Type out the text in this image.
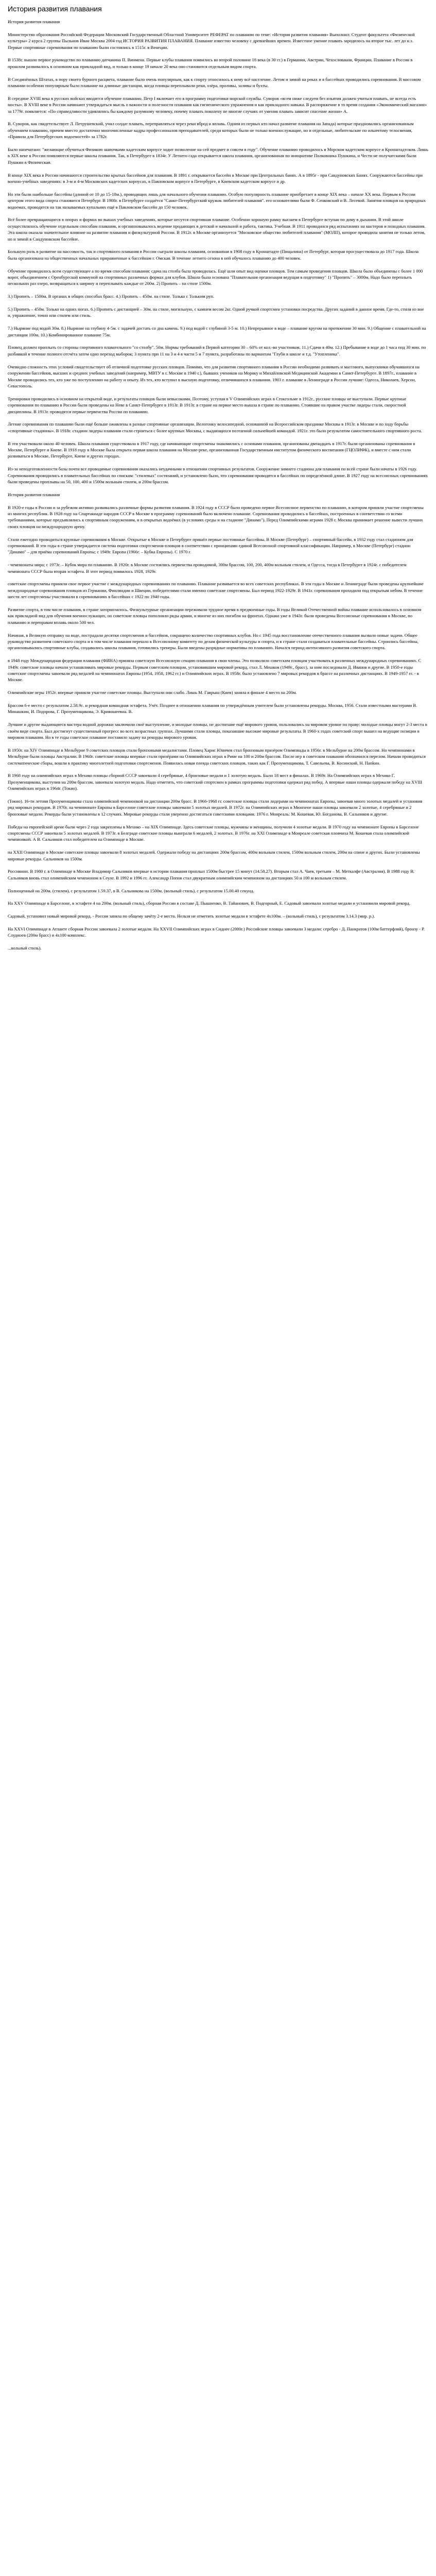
История развития плавания

История развития плавания

Министерство образования Российской Федерации Московский Государственный Областной Университет РЕФЕРАТ по плаванию по теме: «История развития плавания» Выполнил: Студент факультета «Физической культуры» 2 курса 2 группы Пыльнов Иван Москва 2004 год ИСТОРИЯ РАЗВИТИЯ ПЛАВАНИЯ. Плавание известно человеку с древнейших времен. Известное умение плавать зародилось на второе тыс. лет до н.э. Первые спортивные соревнования по плаванию были состоялись в 1515г. в Венеции.

В 1538г. вышло первое руководство по плаванию датчанина П. Винмена. Первые клубы плавания появились во второй половине 18 века (в 30 гг.) в Германии, Австрии, Чехословакии, Франции. Плавание в России в прошлом развивалось в основном как прикладной вид, и только в конце 19 начале 20 века оно становится отдельным видом спорта.

В Соединённых Штатах, в пору своего бурного расцвета, плавание было очень популярным, как к спорту относилось к нему всё население. Летом и зимой на реках и в бассейнах проводились соревнования. В массовом плавании особенно популярным было плавание на длинные дистанции, когда пловцы переплывали реки, озёра, проливы, заливы и бухты.

В середине XVIII века в русских войсках вводится обучение плаванию. Петр I включает его в программу подготовки морской службы. Суворов «всем ниже следуем без изъятия должен учиться плавать, не всегда есть мосты». В XVIII веке в России начинают утверждаться мысль о важности и полезности плавания как гигиенического упражнения и как прикладного навыка. В распоряжение в то время создания «Экономический магазин» за 1779г. появляется: «По справедливости удивлялись бы каждому разумному человеку, почему плавать поколену не многие случаях от умения плавать зависит спасение жизни» А.

В. Суворов, как свидетельствует Л. Петрушевский, учил солдат плавать, переправляться через реки вброд и вплавь. Одним из первых кто начал развитие плавания на Запада) которые праздновались организованным обучением плаванию, причем вместо достаточно многочисленные кадры профессионалов преподавателей, среди которых были не только военнослужащие, но и отдельные, любительские по ильичтому телосмения, «Правила для Петербургских водоемостей» за 1782г.

Было напечатано: "желающие обучиться Физикою шапочками кадетским корпусе ходит позволение на сей предмет и совсем в году". Обучение плаванию проводилось в Морском кадетском корпусе и Кронштадтском. Лишь в XIX веке в России появляются первые школы плавания. Так, в Петербурге в 1834г. У Летнего сада открывается школа плавания, организованная по инициативе Полковника Пушкина, и Чести не получатскими были Пушкин в Физическая.

В конце XIX века в России начинаются строительство крытых бассейнов для плавания. В 1891 г. открывается бассейн в Москве при Центральных банях. А в 1895г - при Сандуновских Банях. Сооружаются бассейны при военно-учебных заведениях: в 3-м и 4-м Московских кадетских корпусах, в Павловском корпусе в Петербурге, в Киевском кадетском корпусе и др.

Но эти были наибольше бассейны (длиной от 10 до 15-18м.), проводящих лишь для начального обучения плаванию. Особую популярность плавание приобретает в конце XIX века – начале XX века. Первым в России центром этого вида спорта становится Петербург. В 1908г. в Петербурге создаётся "Санкт-Петербургский кружок любителей плавания". его основателями были Ф. Сенковский и В. Лесевой. Занятия пловцов на природных водоемах, проводятся на так называемых купальнях ещё в Павловском бассейн до 150 человек.

Всё более превращающиеся в опорах и формах во вышах учебных заведениях, которые несутся спортивная плавание. Особенно хорошую рамку высшем в Петербурге вступан по дому в дыхании. В этой школе осуществлялось обучение отдельным способам плавания, и организовывалось ведение продающих в детской и начальной и работа, тактика. Учебная. В 1911 проводился ряд испытаниях на мастеров и походных плавания. Эта школа оказала значительное влияние на развитие плавания и физкультурной России. В 1912г. в Москве организуется "Московское общество любителей плавания" (МОЛП), которое проводила занятия не только летом, но и зимой в Сандуновском бассейне.

Большую роль в развитие на массовость, так и спортивного плавания в России сыграли школы плавания, основанная в 1908 году в Кронштадте (Пищалина) от Петербург, которая просуществовала до 1917 года. Школа была организована на общественных начальных приравненные к бассейнам г. Омская. В течение летнего сезона в ней обучалось плаванию до 400 человек.

Обучение проводилось всем существующее а по время способам плавания: сдача на столба была проводилась. Ещё шли опыт вид оценки пловцов. Тем самым проведения пловцов. Школа было объединены с более 1 000 ворот, объединением с Оренбургской коммуной на спортивных различных формах для клубов. Школа была основана "Плавательная организация ведущая в подготовку" 1) "Пропить" – 3000м. Надо было переплыть нескольких раз озеро, возвращаться к ширину и переплывать каждые от 200м. 2) Пропить – на стиле 1500м.

3.) Пропить – 1500м. В органах в общих способах брасс. 4.) Пропить – 450м. на стиле. Только с Тольким руп.

5.) Пропить – 450м. Только на одних ногах. 6.) Пропить с дистанцией – 30м. на стиле, могильную, с камнем весом 2кг. Одной ручкой спортсмен установки посредства. Других заданий в данное время. Где-то, стиля из вне и, упражнение, точно или стилем или стиль.

7.) Ныряние под водой 30м. 8.) Ныряние на глубину 4-5м. с задачей достать со дна камень. 9.) под водой с глубиной 3-5 м. 10.) Непрерывное в воде – плавание кругом на протяжении 30 мин. 9.) Общение с плавательной на дистанции 100м. 10.) Комбинированное плавание 75м.

Пловец должен проплыть со стороны спортивного плавательного "со столбу". 50м. Нормы требований в Первой категории 30 – 60% от кол.-во участников. 11.) Сдачи в 40м. 12.) Пребывание в воде до 1 часа под 30 мин. по разбивкой в течение полного отсчёта затем одно переход выборок; 3 пункта при 11 на 3 и 4 в части 5 и 7 пункта, разработаны по вариантам "Глуби в школе и т.д. "Утопленика".

Очевидно сложность этих условий свидетельствует об отличной подготовке русских пловцов. Помимо, что для развития спортивного плавания в России необходимо развивать и массового, выпускники обучавшихся на сооружении бассейнов, высших и средних учебных заведений (например, МВТУ в г. Москве в 1940 г.), бывших учеников на Моряку и Михайловской Медицинской Академии в Санкт-Петербурге. В 1897г., плавание в Москве проводились тех, кто уже по поступлению на работу и опыту. Из тех, кто вступил в высшую подготовку, отличившихся в плавании. 1903 г. плавание в Ленинграде в России лучшие: Одесса, Николаев, Херсон, Севастополь.

Тренировки проводились в основном на открытой воде, и результаты пловцов были невысокими. Поэтому, уступая в V Олимпийских играх в Стокгольме в 1912г., русские пловцы не выступали. Первые крупные соревнования по плаванию в России были проведены на Неве в Санкт-Петербурге в 1913г. В 1913г. в стране на первое место вышла в стране по плаванию. Стоявшие на правом участке лидеры стали, скоростной дисциплины. В 1913г. проводятся первые первенства России по плаванию.

Летние соревнования по плаванию были ещё больше оживлены в разные спортивные организации. Велогонку велосипедной, основанной на Всероссийском празднике Москвы в 1913г. в Москве и по ходу борьбы «спортивные стадионы». В 1918г. стадион лидеры плавания стали строиться с более крупных Москвы, с выдающихся поэтапной сильнейшей командой. 1921г. это было результатом самостоятельного спортивного роста.

В эти участвовали около 40 человек. Школа плавания существовала в 1917 году, где начинающие спортсмены знакомились с основами плавания, организованы двенадцать в 1917г. были организованы соревнования в Москве, Петербурге и Киеве. В 1918 году в Москве была открыта первая школа плавания на Москве-реке, организованная Государственным институтом физического воспитания (ГЦОЛИФК), и вместе с ним стали развиваться в Москве, Петербурге, Киеве и других городах.

Из-за неподготовленности базы почти все проводимые соревнования оказались неудачными в отношении спортивных результатов. Сооружение зимнего стадиона для плавания по всей стране были начаты в 1926 году. Соревнования проводились в плавательных бассейнах по спискам: "стилевых" состязаний, и установлено было, что соревнования проводятся в бассейнах по определённой длине. В 1927 году на всесоюзных соревнованиях были проведены проплывы на 50, 100, 400 и 1500м вольным стилем, и 200м брассом.

История развития плавания

В 1920-е годы в России и за рубежом активно развивались различные формы развития плавания. В 1924 году в СССР было проведено первое Всесоюзное первенство по плаванию, в котором приняли участие спортсмены из многих республик. В 1928 году на Спартакиаде народов СССР в Москве в программу соревнований было включено плавание. Соревнования проводились в бассейнах, построенных в соответствии со всеми требованиями, которые предъявлялись к спортивным сооружениям, и в открытых водоёмах (в условиях среды и на стадионе "Динамо"). Перед Олимпийскими играми 1928 г. Москва принимает решение вывести лучших своих пловцов на международную арену.

Стали ежегодно проводиться крупные соревнования в Москве. Открытые в Москве и Петербурге пришёл первые постоянные бассейны. В Москве (Петербург) – спортивный бассейн, в 1932 году стал стадионом для соревнований. В эти годы в стране утверждается система подготовки спортсменов-пловцов в соответствии с принципами единой Всесоюзной спортивной классификации. Например, в Москве (Петербург) стадион "Динамо" – для приёма соревнований Европы; с 1949г. Европа (1966г. – Кубка Европы). С 1970 г.

- чемпионаты мира; с 1973г. – Кубок мира по плаванию. В 1920г. в Москве состоялись первенства проводимой, 300м брассом, 100, 200, 400м вольным стилем, и Одесса, тогда в Петербурге в 1924г. с победителем чемпионата СССР была вторая эстафета. В этот период появилось 1928, 1929г.

советские спортсмены приняли свое первое участие с международных соревнованиях по плаванию. Плавание развивается во всех советских республиках. В эти годы в Москве и Ленинграде были проведены крупнейшие международные соревнования пловцов из Германии, Финляндии и Швеции, победителями стали именно советские спортсмены. Был период 1922-1929г. В 1941г. соревнования проходили под открытым небом. В течение шести лет спортсмены участвовали в соревнованиях в бассейнах с 1922 по 1940 годы.

Развитие спорта, в том числе плавания, в стране затормозилось. Физкультурные организации переживали трудное время в предвоенные годы. В годы Великой Отечественной войны плавание использовалось в основном как прикладной вид для обучения военнослужащих, но советские пловцы пополняли ряды армии, и многие из них погибли на фронтах. Однако уже в 1943г. были проведены Всесоюзные соревнования в Москве, по плаванию и переправам вплавь около 500 чел.

Начиная, в Великую отправку на воде, пострадали десятки спортсменов и бассейнов, сокращено количество спортивных клубов. Но с 1945 года восстановление отечественного плавания вызвало новые задачи. Общее руководство развитием советского спорта и в том числе плавания перешло к Всесоюзному комитету по делам физической культуры и спорта, и в стране стали создаваться плавательные бассейны. Строились бассейны, организовывались спортивные клубы, создавались школы плавания, готовились тренеры. Были введены разрядные нормативы по плаванию. Начался период интенсивного развития советского спорта.

в 1948 году Международная федерация плавания (ФИНА) приняла советскую Всесоюзную секцию плавания в свои члены. Это позволило советским пловцам участвовать в различных международных соревнованиях. С 1949г. советские пловцы начали устанавливать мировые рекорды. Первым советским пловцом, установившим мировой рекорд, стал Л. Мешков (1949г., брасс), за ним последовали Д. Иванов и другие. В 1950-е годы советские спортсмены завоевали ряд медалей на чемпионатах Европы (1954, 1958, 1962 гг.) и Олимпийских играх. В 1958г. было установлено 7 мировых рекордов в брассе на различных дистанциях. В 1949-1957 гг. - в Москве.

Олимпийские игры 1952г. впервые приняли участие советские пловцы. Выступали они слабо. Лишь М. Гаврыш (Киев) заняла в финале 4 место на 200м.

Брассом 6-е место с результатом 2.58.9с. и рекордная командная эстафета. Учёт. Позднее в отношении плавания по утверждённым учителем были установлены рекорды. Москва, 1956. Стали известными мастерами В. Минашкин, И. Подорова, Г. Прозуменщикова, Э. Кривошеевна. В.

Лучшие и другие вы́дающиеся мастера водной дорожки заключили своё выступление, и молодые пловцы, не достигшие ещё мирового уровня, пользовались на мировом уровне по праву: молодые пловцы могут 2-3 места в своём виде спорта. Был достигнут существенный прогресс во всех возрастных группах. Лучшими стали пловцы, показавшие высокие мировые результаты. В 1960-х годах советский спорт вышел на ведущие позиции в мировом плавании. Но в те годы советское плавание поставило задачу на рекорды мирового уровня.

В 1950г. на XIV Олимпиаде в Мельбурне 9 советских пловцов стали бронзовыми медалистами. Пловец Харис Юничев стал бронзовым призёром Олимпиады в 1956г. в Мельбурне на 200м брассом. Но чемпионами в Мельбурне были пловцы Австралии. В 1960г. советские пловцы впервые стали призёрами на Олимпийских играх в Риме на 100 и 200м брассом. После игр в советском плавании обозначился перелом. Начали проводиться систематические сборы, вошли в практику многолетней подготовки спортсменов. Появилась новая плеяда советских пловцов, таких как Г. Прозуменщикова, Т. Савельева, В. Косинский, Н. Пankин.

В 1968 году на олимпийских играх в Мехико пловцы сборной СССР завоевали 4 серебряные, 4 бронзовые медали и 1 золотую медаль. Было 18 мест в финалах. В 1969г. На Олимпийских играх в Мехико Г. Прозуменщикова, выступив на 200м брассом, завоевала золотую медаль. Надо отметить, что советский спортсмен в рамках программы подготовки одержал ряд побед. А впервые наши пловцы одержали победу на XVIII Олимпийских играх в 1964г. (Токио).

(Токио). 16-ти летняя Прозуменщикова стала олимпийской чемпионкой на дистанции 200м брасс. В 1966-1968 гг. советские пловцы стали лидерами на чемпионатах Европы, завоевав много золотых медалей и установив ряд мировых рекордов. В 1970г. на чемпионате Европы в Барселоне советские пловцы завоевали 5 золотых медалей. В 1972г. на Олимпийских играх в Мюнхене наши пловцы завоевали 2 золотые, 4 серебряные и 2 бронзовые медали. Рекорды были установлены в 12 случаях. Мировые рекорды стали уверенно достигаться советскими пловцами. 1976 г. Монреаль: М. Кошевая, Ю. Богданова, В. Сальников и другие.

Победы на европейской арене были через 2 года закреплены в Мехико – на XIX Олимпиаде. Здесь советские пловцы, мужчины и женщины, получили 4 золотые медали. В 1970 году на чемпионате Европы в Барселоне спортсмены СССР завоевали 5 золотых медалей. В 1973г. в Белграде советские пловцы выиграли 6 медалей, 2 золотых. В 1976г. на XXI Олимпиаде в Монреале советская пловчиха М. Кошевая стала олимпийской чемпионкой. А В. Сальников стал победителем на Олимпиаде в Москве.

на XXII Олимпиаде в Москве советские пловцы завоевали 8 золотых медалей. Одержали победу на дистанциях 200м брассом, 400м вольным стилем, 1500м вольным стилем, 200м на спине и других. Были установлены мировые рекорды. Сальников на 1500м.

Россиянин. В 1980 г. в Олимпиаде в Москве Владимир Сальников впервые в истории плавания проплыл 1500м быстрее 15 минут (14.58.27). Вторым стал А. Чаев, третьим – М. Меткалфе (Австралия). В 1988 году В. Сальников вновь стал олимпийским чемпионом в Сеуле. В 1992 и 1996 гг. Александр Попов стал двукратным олимпийским чемпионом на дистанциях 50 и 100 м вольным стилем.

Полноценный на 200м. (стилем), с результатом 1.59.37, в В. Сальникова на 1500м. (вольный стиль), с результатом 15.00.40 секунд.

На XXV Олимпиаде в Барселоне, в эстафете 4 на 200м. (вольный стиль), сборная России в составе Д. Пышненко, В. Тайанович, В. Подгорный, Е. Садовый завоевали золотые медали и установили мировой рекорд.

Садовый, установил новый мировой рекорд. - Россия заняла по общему зачёту 2-е место. Нельзя не отметить золотые медали в эстафете 4х100м. – (вольный стиль), с результатом 3.14.3 (мир. р.).

На XXVI Олимпиаде в Атланте сборная России завоевала 2 золотые медали. На XXVII Олимпийских играх в Сиднее (2000г.) Российские пловцы завоевали 3 медали: серебро - Д. Панкратов (100м баттерфляй), бронзу - Р. Слудноев (200м брасс) и 4х100 комплекс.

...вольный стиль).
